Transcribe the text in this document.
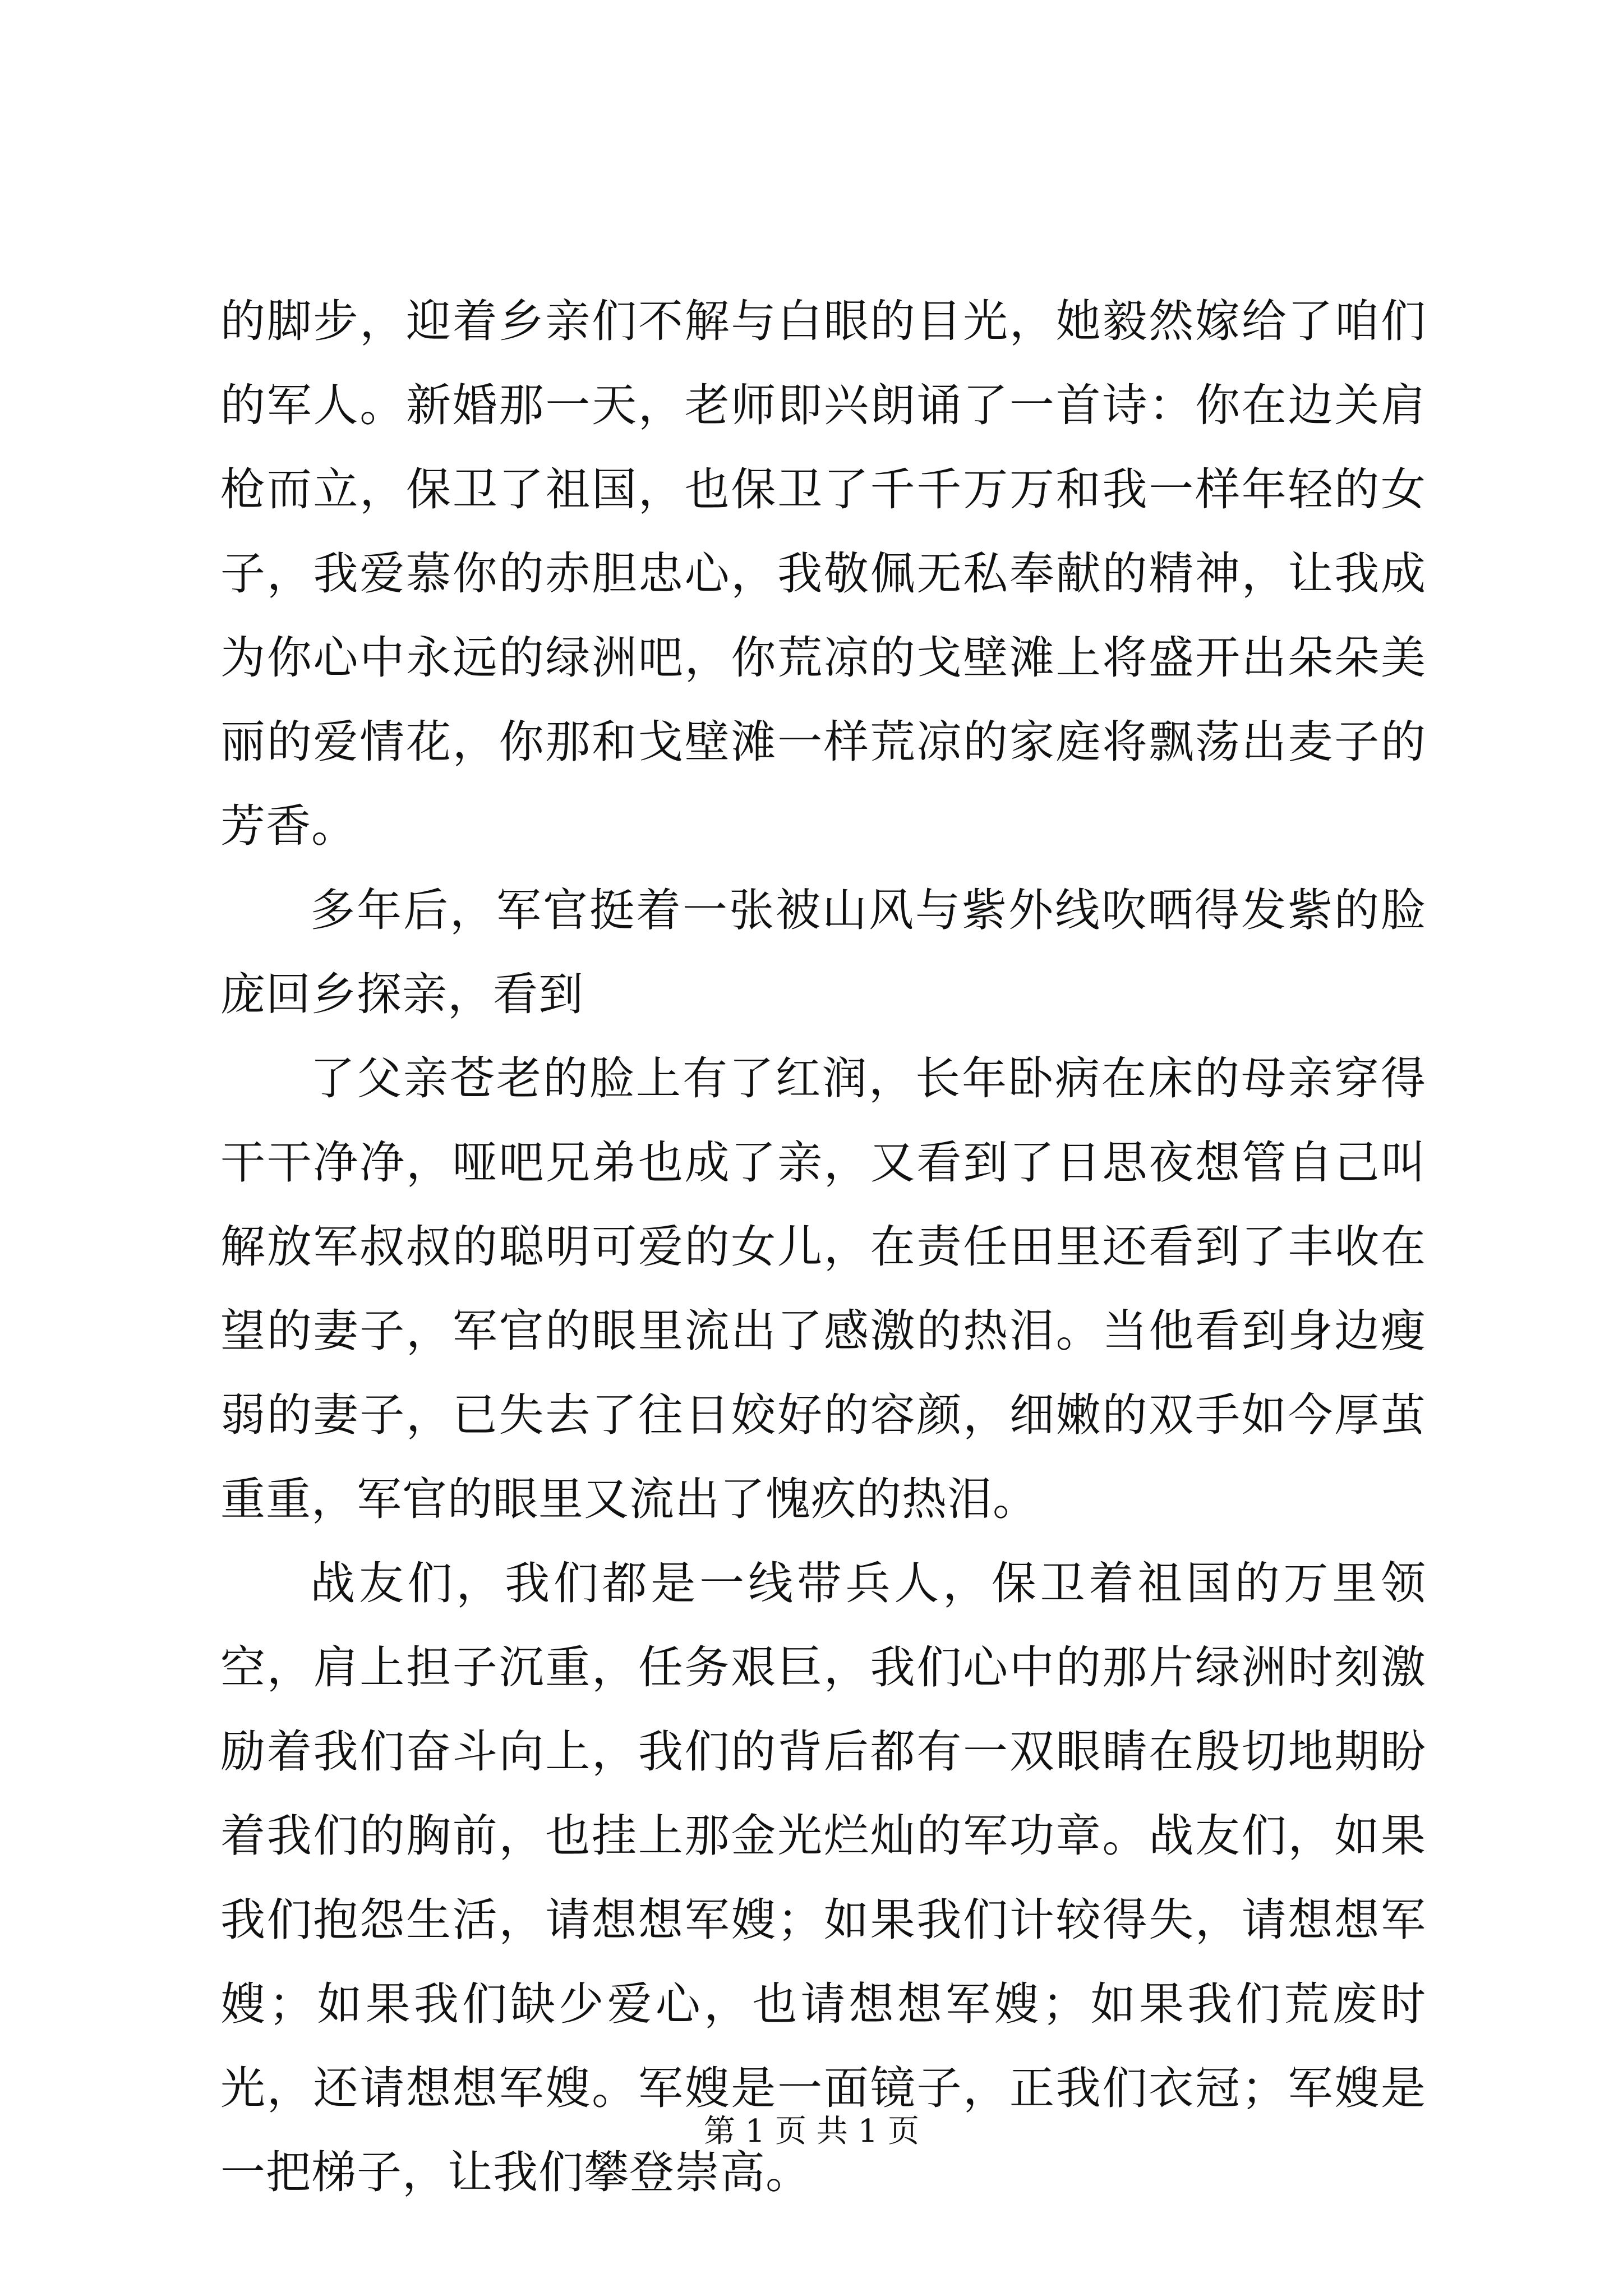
的脚步，迎着乡亲们不解与白眼的目光，她毅然嫁给了咱们的军人。新婚那一天，老师即兴朗诵了一首诗：你在边关肩枪而立，保卫了祖国，也保卫了千千万万和我一样年轻的女子，我爱慕你的赤胆忠心，我敬佩无私奉献的精神，让我成为你心中永远的绿洲吧，你荒凉的戈壁滩上将盛开出朵朵美丽的爱情花，你那和戈壁滩一样荒凉的家庭将飘荡出麦子的芳香。

多年后，军官挺着一张被山风与紫外线吹晒得发紫的脸庞回乡探亲，看到

了父亲苍老的脸上有了红润，长年卧病在床的母亲穿得干干净净，哑吧兄弟也成了亲，又看到了日思夜想管自己叫解放军叔叔的聪明可爱的女儿，在责任田里还看到了丰收在望的妻子，军官的眼里流出了感激的热泪。当他看到身边瘦弱的妻子，已失去了往日姣好的容颜，细嫩的双手如今厚茧重重，军官的眼里又流出了愧疚的热泪。

战友们，我们都是一线带兵人，保卫着祖国的万里领空，肩上担子沉重，任务艰巨，我们心中的那片绿洲时刻激励着我们奋斗向上，我们的背后都有一双眼睛在殷切地期盼着我们的胸前，也挂上那金光烂灿的军功章。战友们，如果我们抱怨生活，请想想军嫂；如果我们计较得失，请想想军嫂；如果我们缺少爱心，也请想想军嫂；如果我们荒废时光，还请想想军嫂。军嫂是一面镜子，正我们衣冠；军嫂是一把梯子，让我们攀登崇高。

第 1 页 共 1 页
